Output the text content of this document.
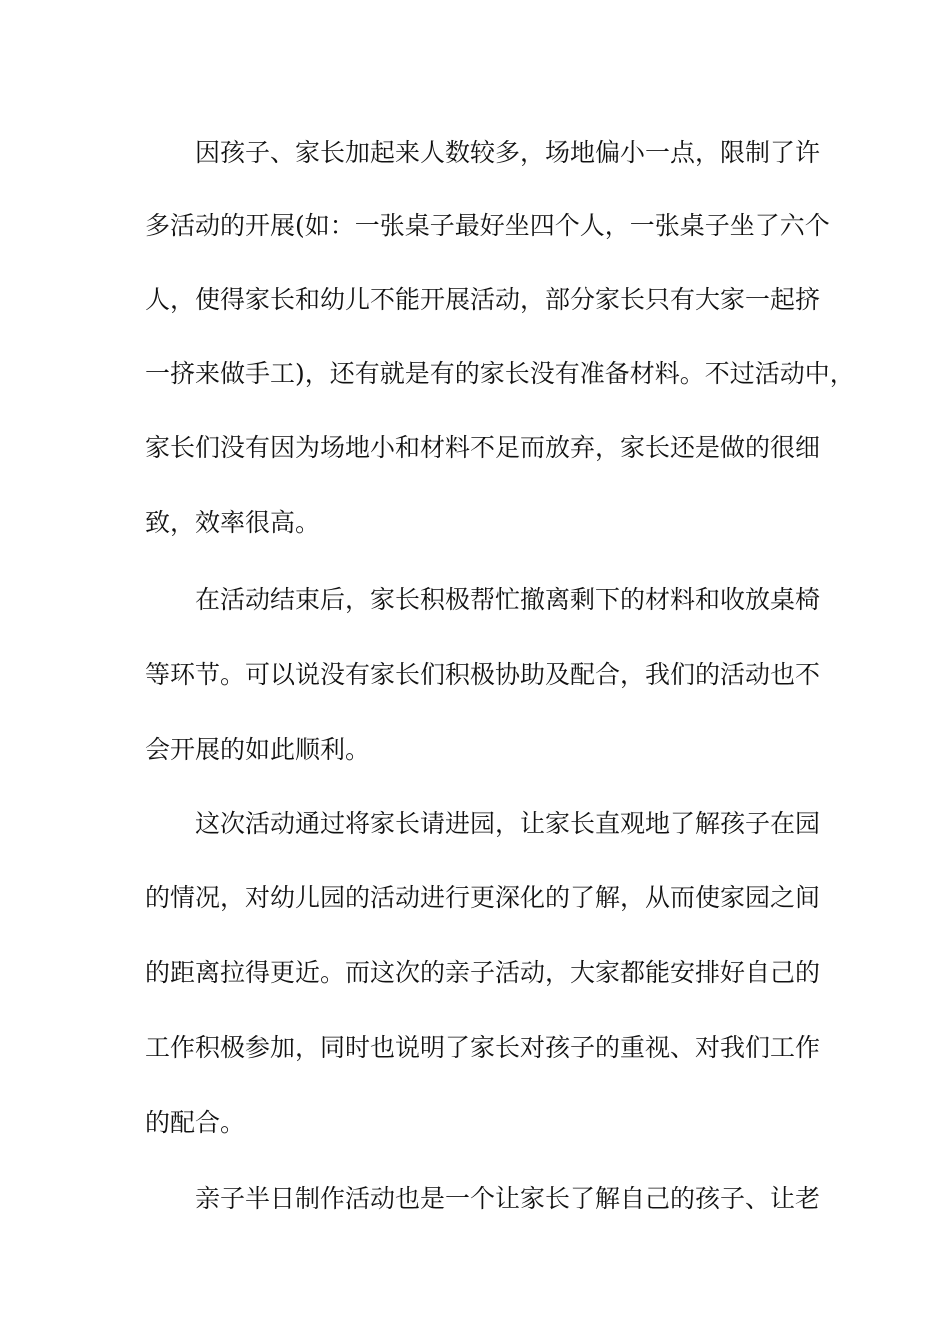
因孩子、家长加起来人数较多，场地偏小一点，限制了许

多活动的开展(如：一张桌子最好坐四个人，一张桌子坐了六个

人，使得家长和幼儿不能开展活动，部分家长只有大家一起挤

一挤来做手工)，还有就是有的家长没有准备材料。不过活动中，

家长们没有因为场地小和材料不足而放弃，家长还是做的很细

致，效率很高。

在活动结束后，家长积极帮忙撤离剩下的材料和收放桌椅

等环节。可以说没有家长们积极协助及配合，我们的活动也不

会开展的如此顺利。

这次活动通过将家长请进园，让家长直观地了解孩子在园

的情况，对幼儿园的活动进行更深化的了解，从而使家园之间

的距离拉得更近。而这次的亲子活动，大家都能安排好自己的

工作积极参加，同时也说明了家长对孩子的重视、对我们工作

的配合。

亲子半日制作活动也是一个让家长了解自己的孩子、让老
